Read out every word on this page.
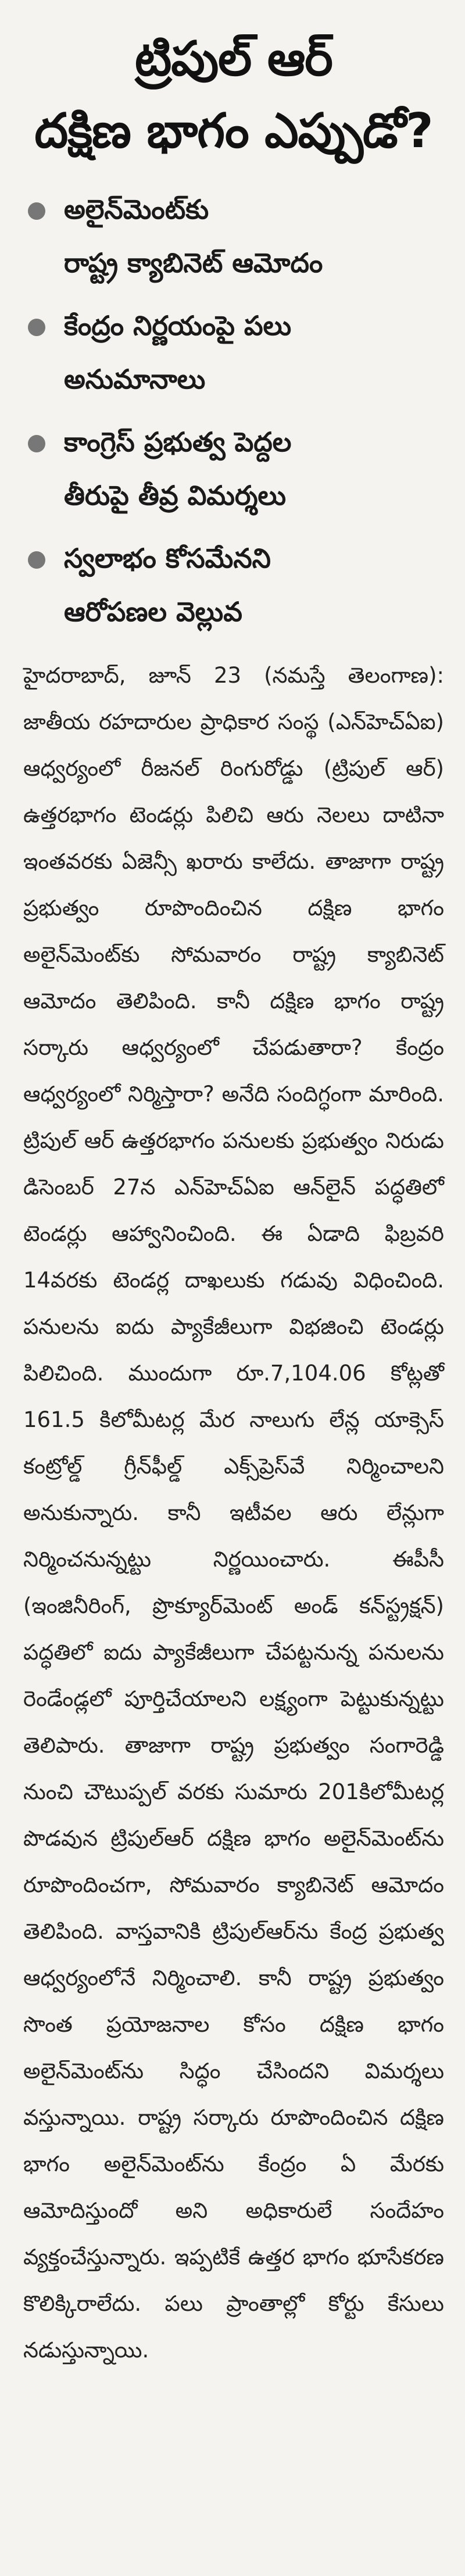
ట్రిపుల్ ఆర్
దక్షిణ భాగం ఎప్పుడో?
అలైన్‌మెంట్‌కు
రాష్ట్ర క్యాబినెట్ ఆమోదం
కేంద్రం నిర్ణయంపై పలు
అనుమానాలు
కాంగ్రెస్ ప్రభుత్వ పెద్దల
తీరుపై తీవ్ర విమర్శలు
స్వలాభం కోసమేనని
ఆరోపణల వెల్లువ
హైదరాబాద్, జూన్ 23 (నమస్తే తెలంగాణ): జాతీయ రహదారుల ప్రాధికార సంస్థ (ఎన్‌హెచ్‌ఏఐ) ఆధ్వర్యంలో రీజనల్ రింగురోడ్డు (ట్రిపుల్ ఆర్) ఉత్తరభాగం టెండర్లు పిలిచి ఆరు నెలలు దాటినా ఇంతవరకు ఏజెన్సీ ఖరారు కాలేదు. తాజాగా రాష్ట్ర ప్రభుత్వం రూపొందించిన దక్షిణ భాగం అలైన్‌మెంట్‌కు సోమవారం రాష్ట్ర క్యాబినెట్ ఆమోదం తెలిపింది. కానీ దక్షిణ భాగం రాష్ట్ర సర్కారు ఆధ్వర్యంలో చేపడుతారా? కేంద్రం ఆధ్వర్యంలో నిర్మిస్తారా? అనేది సందిగ్ధంగా మారింది. ట్రిపుల్ ఆర్ ఉత్తరభాగం పనులకు ప్రభుత్వం నిరుడు డిసెంబర్ 27న ఎన్‌హెచ్‌ఏఐ ఆన్‌లైన్ పద్ధతిలో టెండర్లు ఆహ్వానించింది. ఈ ఏడాది ఫిబ్రవరి 14వరకు టెండర్ల దాఖలుకు గడువు విధించింది. పనులను ఐదు ప్యాకేజీలుగా విభజించి టెండర్లు పిలిచింది. ముందుగా రూ.7,104.06 కోట్లతో 161.5 కిలోమీటర్ల మేర నాలుగు లేన్ల యాక్సెస్ కంట్రోల్డ్ గ్రీన్‌ఫీల్డ్ ఎక్స్‌ప్రెస్‌వే నిర్మించాలని అనుకున్నారు. కానీ ఇటీవల ఆరు లేన్లుగా నిర్మించనున్నట్టు నిర్ణయించారు. ఈపీసీ (ఇంజినీరింగ్, ప్రొక్యూర్‌మెంట్ అండ్ కన్‌స్ట్రక్షన్) పద్ధతిలో ఐదు ప్యాకేజీలుగా చేపట్టనున్న పనులను రెండేండ్లలో పూర్తిచేయాలని లక్ష్యంగా పెట్టుకున్నట్టు తెలిపారు. తాజాగా రాష్ట్ర ప్రభుత్వం సంగారెడ్డి నుంచి చౌటుప్పల్ వరకు సుమారు 201కిలోమీటర్ల పొడవున ట్రిపుల్‌ఆర్ దక్షిణ భాగం అలైన్‌మెంట్‌ను రూపొందించగా, సోమవారం క్యాబినెట్ ఆమోదం తెలిపింది. వాస్తవానికి ట్రిపుల్‌ఆర్‌ను కేంద్ర ప్రభుత్వ ఆధ్వర్యంలోనే నిర్మించాలి. కానీ రాష్ట్ర ప్రభుత్వం సొంత ప్రయోజనాల కోసం దక్షిణ భాగం అలైన్‌మెంట్‌ను సిద్ధం చేసిందని విమర్శలు వస్తున్నాయి. రాష్ట్ర సర్కారు రూపొందించిన దక్షిణ భాగం అలైన్‌మెంట్‌ను కేంద్రం ఏ మేరకు ఆమోదిస్తుందో అని అధికారులే సందేహం వ్యక్తంచేస్తున్నారు. ఇప్పటికే ఉత్తర భాగం భూసేకరణ కొలిక్కిరాలేదు. పలు ప్రాంతాల్లో కోర్టు కేసులు నడుస్తున్నాయి.
